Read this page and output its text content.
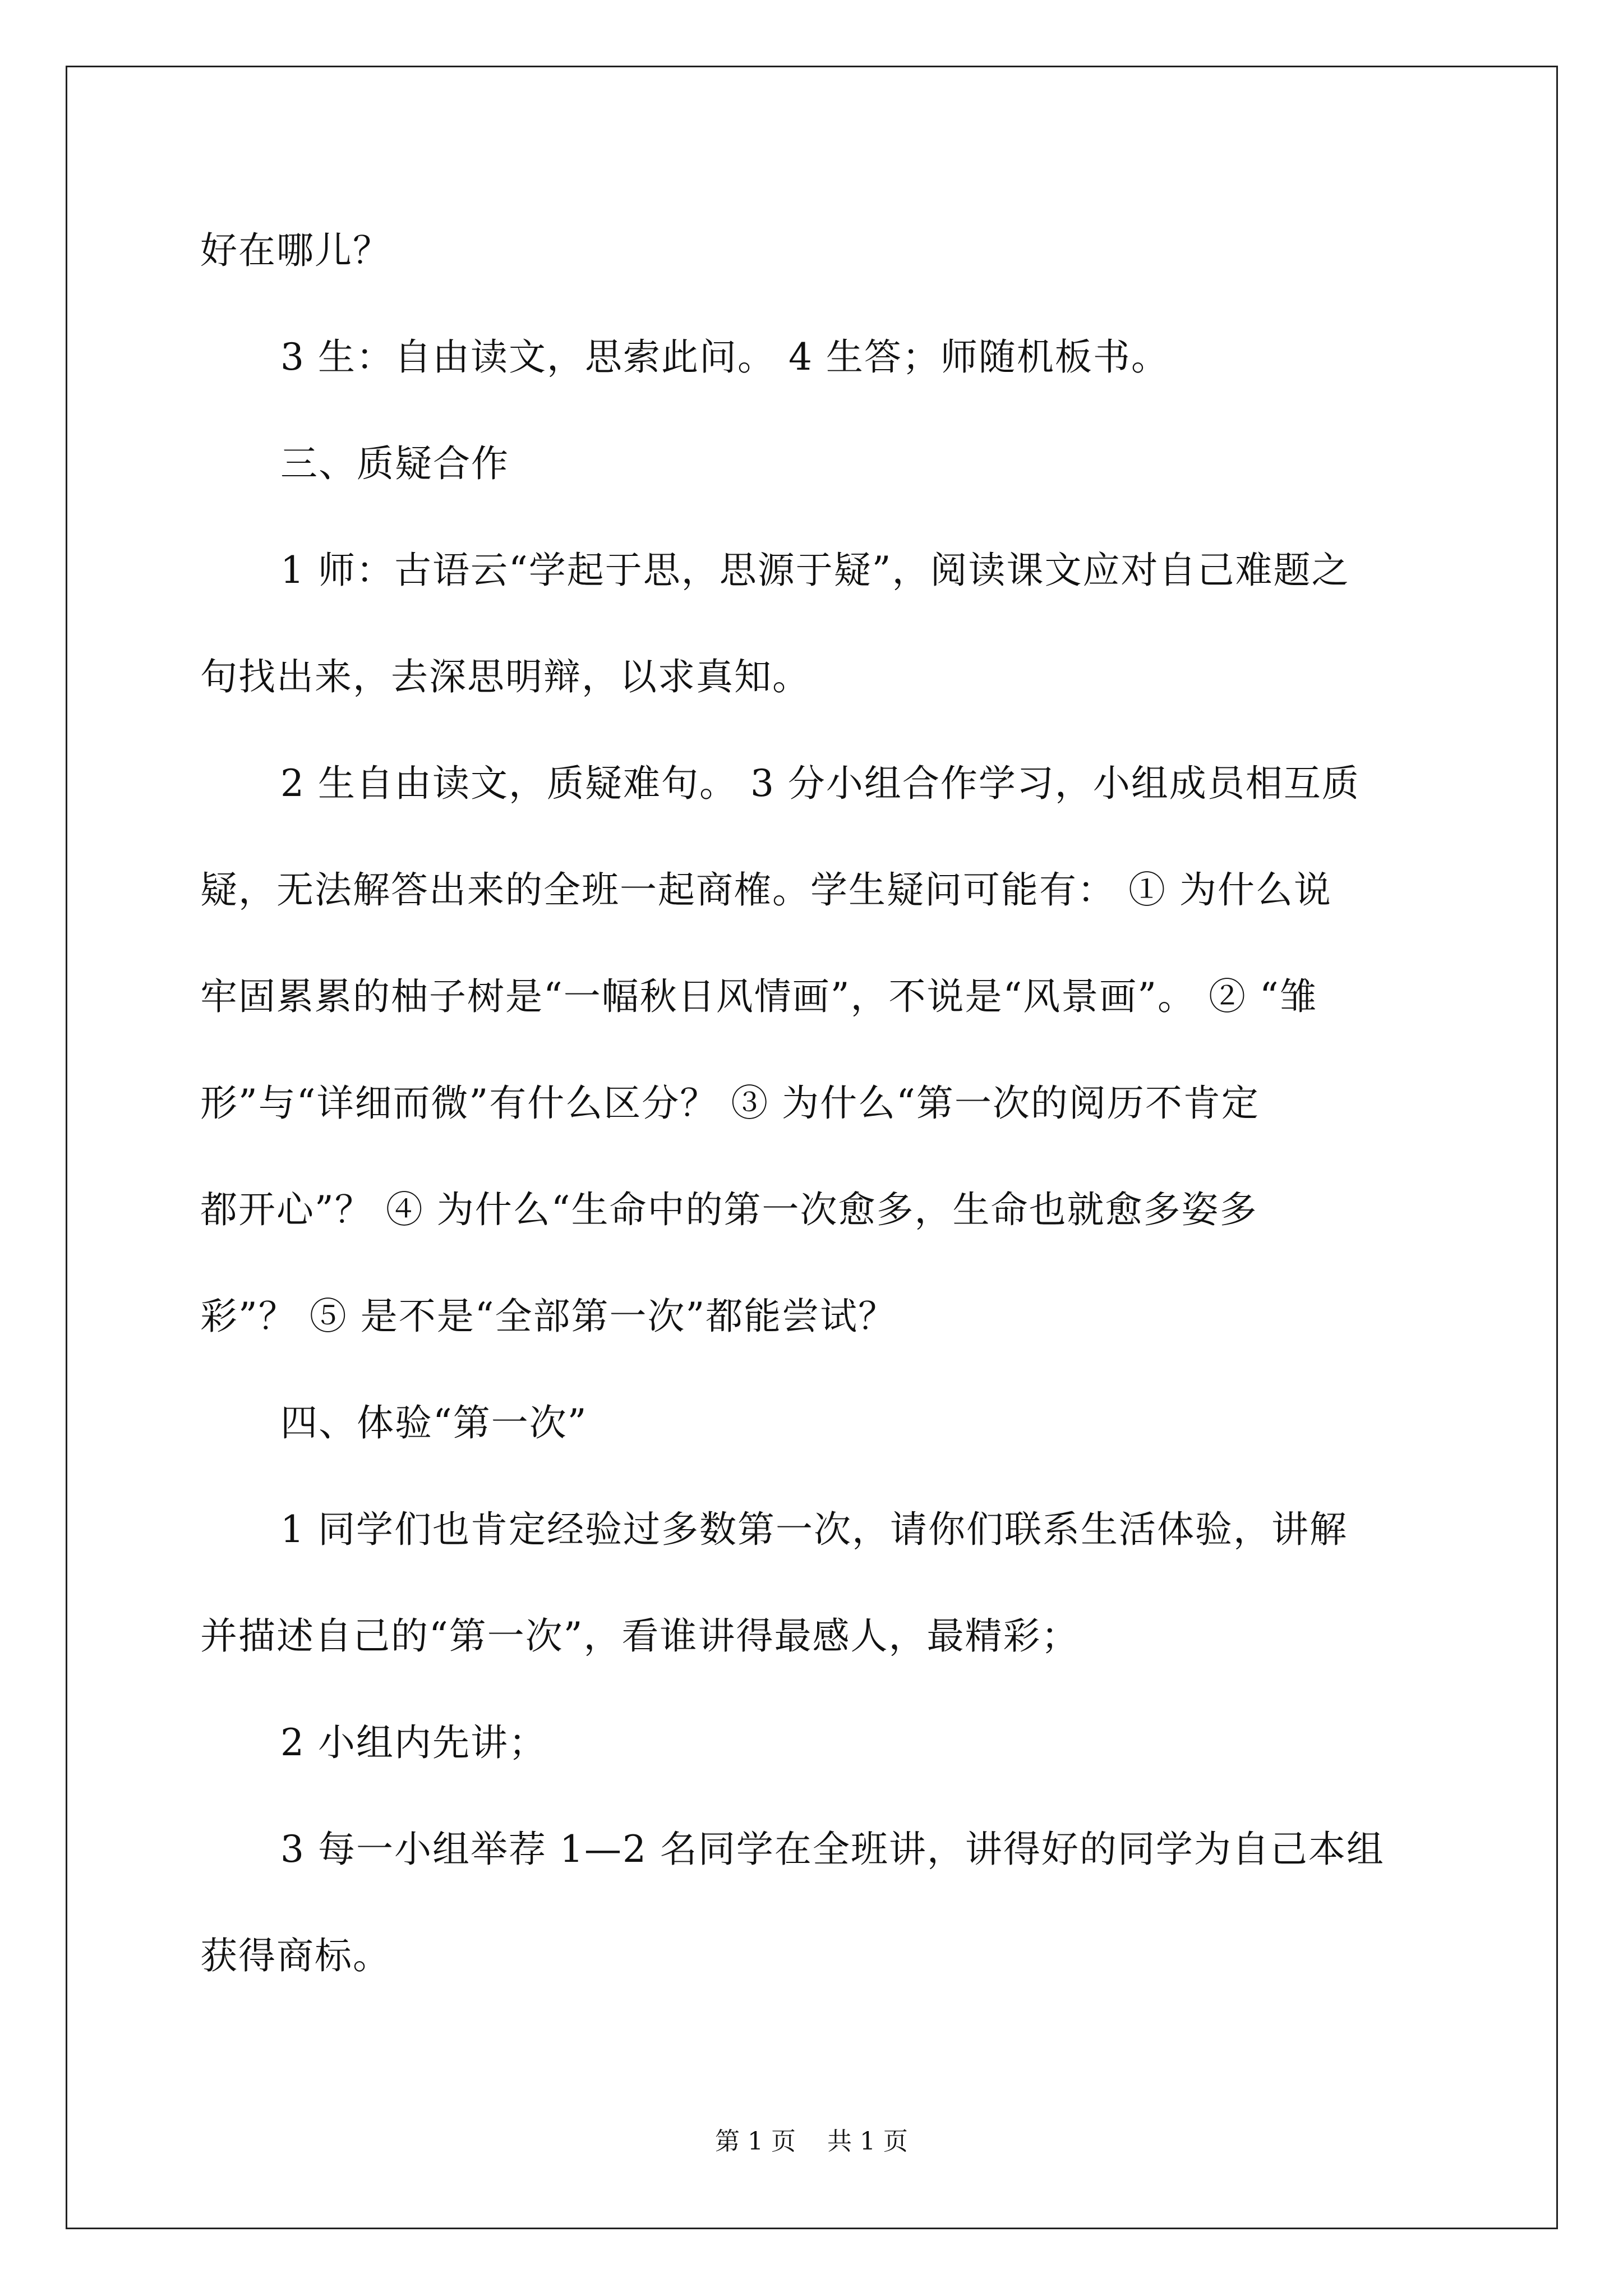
好在哪儿？
3 生：自由读文，思索此问。 4 生答；师随机板书。
三、质疑合作
1 师：古语云“学起于思，思源于疑”，阅读课文应对自己难题之
句找出来，去深思明辩，以求真知。
2 生自由读文，质疑难句。 3 分小组合作学习，小组成员相互质
疑，无法解答出来的全班一起商榷。学生疑问可能有： ① 为什么说
牢固累累的柚子树是“一幅秋日风情画”，不说是“风景画”。 ② “雏
形”与“详细而微”有什么区分？ ③ 为什么“第一次的阅历不肯定
都开心”？ ④ 为什么“生命中的第一次愈多，生命也就愈多姿多
彩”？ ⑤ 是不是“全部第一次”都能尝试？
四、体验“第一次”
1 同学们也肯定经验过多数第一次，请你们联系生活体验，讲解
并描述自己的“第一次”，看谁讲得最感人，最精彩；
2 小组内先讲；
3 每一小组举荐 1—2 名同学在全班讲，讲得好的同学为自己本组
获得商标。
第 1 页    共 1 页
